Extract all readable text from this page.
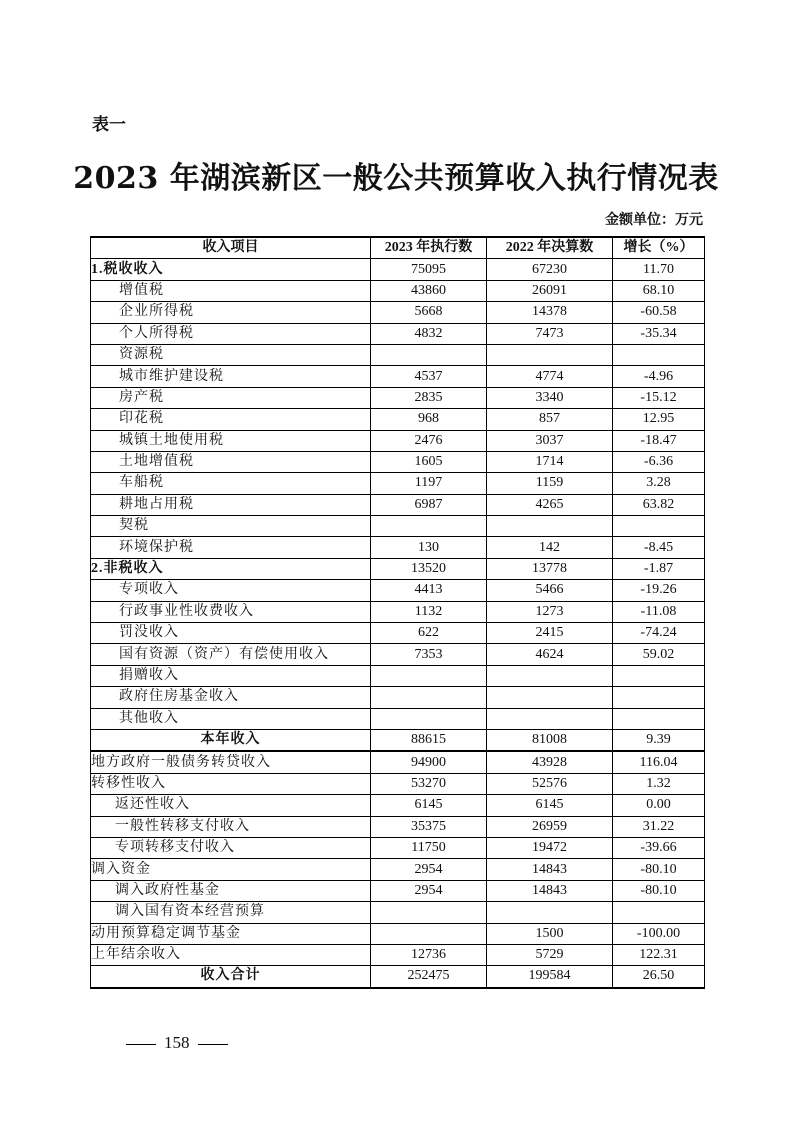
表一
2023 年湖滨新区一般公共预算收入执行情况表
金额单位：万元
收入项目	2023 年执行数	2022 年决算数	增长（%）
1.税收收入	75095	67230	11.70
增值税	43860	26091	68.10
企业所得税	5668	14378	-60.58
个人所得税	4832	7473	-35.34
资源税			
城市维护建设税	4537	4774	-4.96
房产税	2835	3340	-15.12
印花税	968	857	12.95
城镇土地使用税	2476	3037	-18.47
土地增值税	1605	1714	-6.36
车船税	1197	1159	3.28
耕地占用税	6987	4265	63.82
契税			
环境保护税	130	142	-8.45
2.非税收入	13520	13778	-1.87
专项收入	4413	5466	-19.26
行政事业性收费收入	1132	1273	-11.08
罚没收入	622	2415	-74.24
国有资源（资产）有偿使用收入	7353	4624	59.02
捐赠收入			
政府住房基金收入			
其他收入			
本年收入	88615	81008	9.39
地方政府一般债务转贷收入	94900	43928	116.04
转移性收入	53270	52576	1.32
返还性收入	6145	6145	0.00
一般性转移支付收入	35375	26959	31.22
专项转移支付收入	11750	19472	-39.66
调入资金	2954	14843	-80.10
调入政府性基金	2954	14843	-80.10
调入国有资本经营预算			
动用预算稳定调节基金		1500	-100.00
上年结余收入	12736	5729	122.31
收入合计	252475	199584	26.50
158
